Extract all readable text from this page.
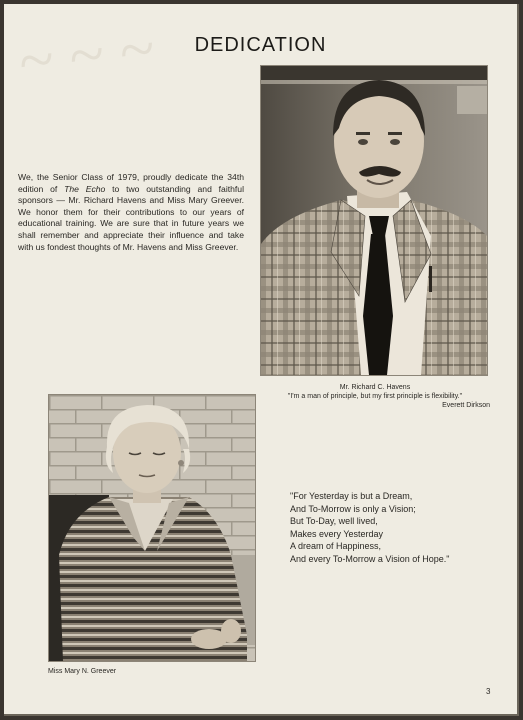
~ ~ ~
	DEDICATION

We, the Senior Class of 1979, proudly dedicate the 34th edition of The Echo to two outstanding and faithful sponsors — Mr. Richard Havens and Miss Mary Greever. We honor them for their contributions to our years of educational training. We are sure that in future years we shall remember and appreciate their influence and take with us fondest thoughts of Mr. Havens and Miss Greever.

Mr. Richard C. Havens
"I'm a man of principle, but my first principle is flexibility."
Everett Dirkson
Miss Mary N. Greever
"For Yesterday is but a Dream,
And To-Morrow is only a Vision;
But To-Day, well lived,
Makes every Yesterday
A dream of Happiness,
And every To-Morrow a Vision of Hope."
3
